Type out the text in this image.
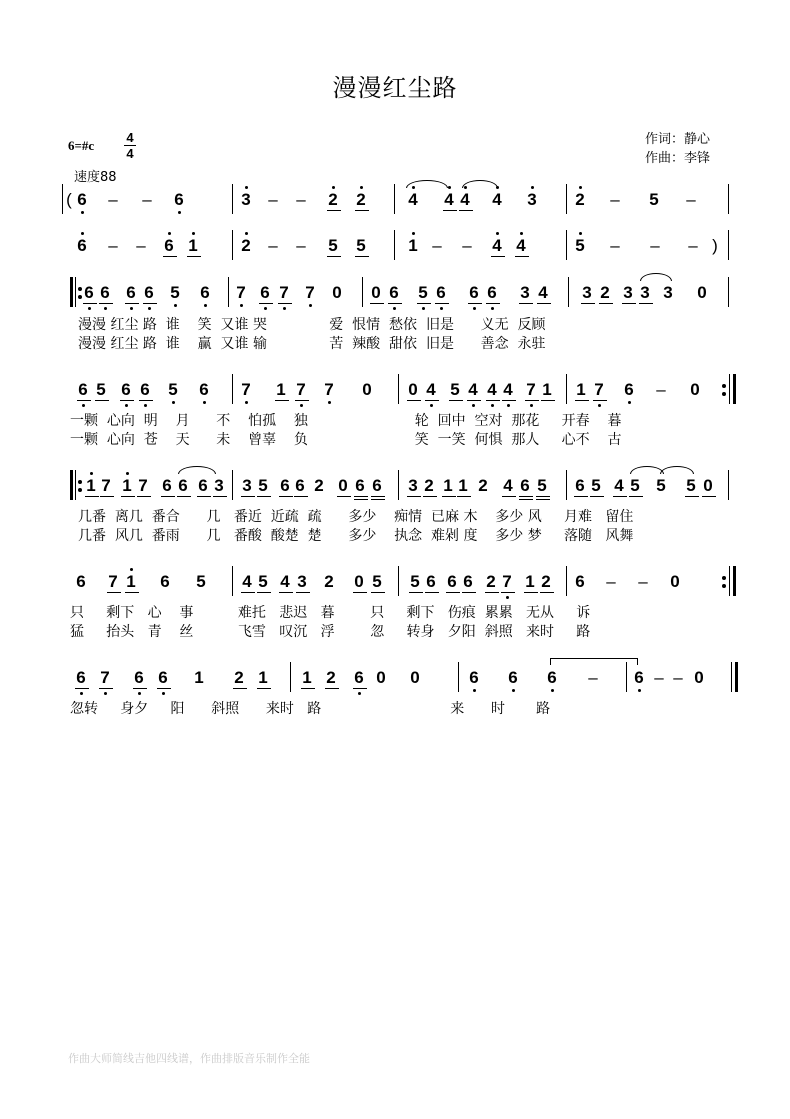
漫漫红尘路
6=#c
4
4
速度88
作词：静心
作曲：李锋
( 6 – – 6	3 – – 2 2	4 4 4 4 3 2 – 5 –
6 – – 6 1	2 – – 5 5	1 – – 4 4	5 – – – )
6 6 6 6 5 6 7 6 7 7 0 0 6 5 6 6 6 3 4 3 2 3 3 3 0
6 5 6 6 5 6 7 1 7 7 0 0 4 5 4 4 4 7 1 1 7 6 – 0
1 7 1 7 6 6 6 3 3 5 6 6 2 0 6 6 3 2 1 1 2 4 6 5 6 5 4 5 5 5 0
6 7 1 6 5 4 5 4 3 2 0 5 5 6 6 6 2 7 1 2 6 – – 0
6 7 6 6 1 2 1 1 2 6 0 0	6 6 6 – 6 – – 0
漫漫 红尘 路  谁    笑  又谁 哭              爱  恨情  愁依  旧是      义无  反顾
漫漫 红尘 路  谁    赢  又谁 输              苦  辣酸  甜依  旧是      善念  永驻
一颗  心向  明    月      不    怕孤    独                        轮  回中  空对  那花     开春    暮
一颗  心向  苍    天      未    曾辜    负                        笑  一笑  何惧  那人     心不    古
几番  离几  番合      几   番近  近疏  疏      多少    痴情  已麻 木    多少 风     月难   留住
几番  风几  番雨      几   番酸  酸楚  楚      多少    执念  难剁 度    多少 梦     落随   风舞
只     剩下   心    事          难托   悲迟   暮        只     剩下   伤痕  累累   无从     诉
猛     抬头   青    丝          飞雪   叹沉   浮        忽     转身   夕阳  斜照   来时     路
忽转     身夕     阳      斜照      来时   路                             来      时       路
作曲大师简线吉他四线谱，作曲排版音乐制作全能
